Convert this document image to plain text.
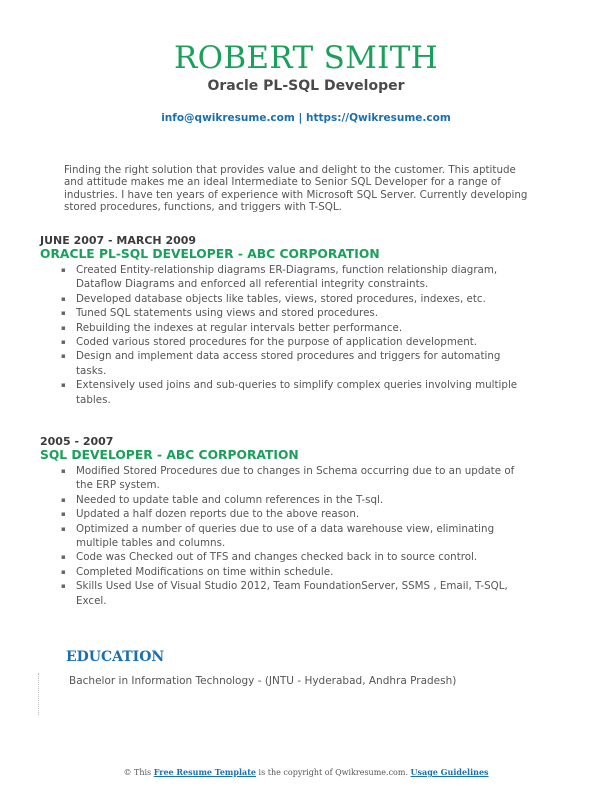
ROBERT SMITH
Oracle PL-SQL Developer
info@qwikresume.com | https://Qwikresume.com
Finding the right solution that provides value and delight to the customer. This aptitude and attitude makes me an ideal Intermediate to Senior SQL Developer for a range of industries. I have ten years of experience with Microsoft SQL Server. Currently developing stored procedures, functions, and triggers with T-SQL.
JUNE 2007 - MARCH 2009
ORACLE PL-SQL DEVELOPER - ABC CORPORATION
▪ Created Entity-relationship diagrams ER-Diagrams, function relationship diagram, Dataflow Diagrams and enforced all referential integrity constraints.
▪ Developed database objects like tables, views, stored procedures, indexes, etc.
▪ Tuned SQL statements using views and stored procedures.
▪ Rebuilding the indexes at regular intervals better performance.
▪ Coded various stored procedures for the purpose of application development.
▪ Design and implement data access stored procedures and triggers for automating tasks.
▪ Extensively used joins and sub-queries to simplify complex queries involving multiple tables.
2005 - 2007
SQL DEVELOPER - ABC CORPORATION
▪ Modified Stored Procedures due to changes in Schema occurring due to an update of the ERP system.
▪ Needed to update table and column references in the T-sql.
▪ Updated a half dozen reports due to the above reason.
▪ Optimized a number of queries due to use of a data warehouse view, eliminating multiple tables and columns.
▪ Code was Checked out of TFS and changes checked back in to source control.
▪ Completed Modifications on time within schedule.
▪ Skills Used Use of Visual Studio 2012, Team FoundationServer, SSMS , Email, T-SQL, Excel.
EDUCATION
Bachelor in Information Technology - (JNTU - Hyderabad, Andhra Pradesh)
© This Free Resume Template is the copyright of Qwikresume.com. Usage Guidelines
